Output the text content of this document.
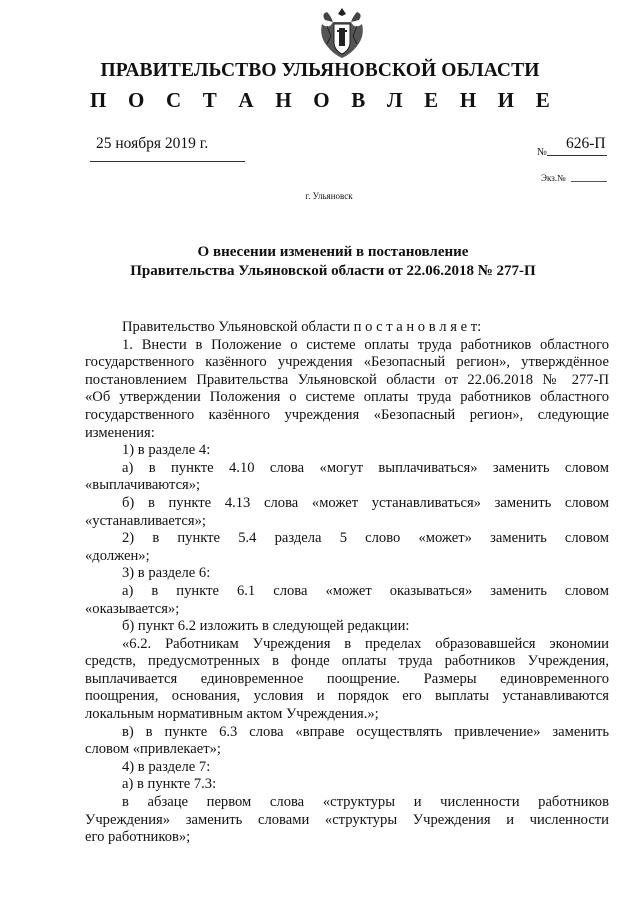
ПРАВИТЕЛЬСТВО УЛЬЯНОВСКОЙ ОБЛАСТИ
П О С Т А Н О В Л Е Н И Е
25 ноября 2019 г.
№
626-П
Экз.№
г. Ульяновск
О внесении изменений в постановление
Правительства Ульяновской области от 22.06.2018 № 277-П
Правительство Ульяновской области п о с т а н о в л я е т:
1. Внести в Положение о системе оплаты труда работников областного
государственного казённого учреждения «Безопасный регион», утверждённое
постановлением Правительства Ульяновской области от 22.06.2018 № 277-П
«Об утверждении Положения о системе оплаты труда работников областного
государственного казённого учреждения «Безопасный регион», следующие
изменения:
1) в разделе 4:
а) в пункте 4.10 слова «могут выплачиваться» заменить словом
«выплачиваются»;
б) в пункте 4.13 слова «может устанавливаться» заменить словом
«устанавливается»;
2) в пункте 5.4 раздела 5 слово «может» заменить словом
«должен»;
3) в разделе 6:
а) в пункте 6.1 слова «может оказываться» заменить словом
«оказывается»;
б) пункт 6.2 изложить в следующей редакции:
«6.2. Работникам Учреждения в пределах образовавшейся экономии
средств, предусмотренных в фонде оплаты труда работников Учреждения,
выплачивается единовременное поощрение. Размеры единовременного
поощрения, основания, условия и порядок его выплаты устанавливаются
локальным нормативным актом Учреждения.»;
в) в пункте 6.3 слова «вправе осуществлять привлечение» заменить
словом «привлекает»;
4) в разделе 7:
а) в пункте 7.3:
в абзаце первом слова «структуры и численности работников
Учреждения» заменить словами «структуры Учреждения и численности
его работников»;
